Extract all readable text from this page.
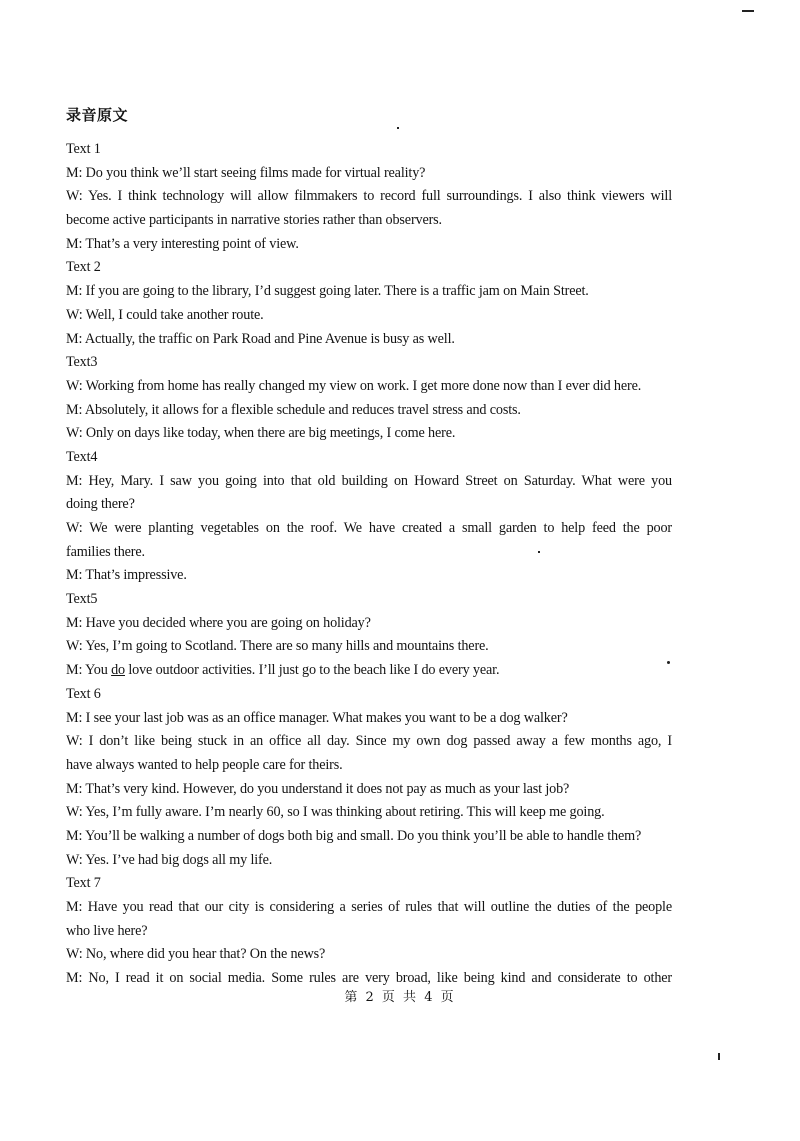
录音原文
Text 1
M: Do you think we’ll start seeing films made for virtual reality?
W: Yes. I think technology will allow filmmakers to record full surroundings. I also think viewers will
become active participants in narrative stories rather than observers.
M: That’s a very interesting point of view.
Text 2
M: If you are going to the library, I’d suggest going later. There is a traffic jam on Main Street.
W: Well, I could take another route.
M: Actually, the traffic on Park Road and Pine Avenue is busy as well.
Text3
W: Working from home has really changed my view on work. I get more done now than I ever did here.
M: Absolutely, it allows for a flexible schedule and reduces travel stress and costs.
W: Only on days like today, when there are big meetings, I come here.
Text4
M: Hey, Mary. I saw you going into that old building on Howard Street on Saturday. What were you
doing there?
W: We were planting vegetables on the roof. We have created a small garden to help feed the poor
families there.
M: That’s impressive.
Text5
M: Have you decided where you are going on holiday?
W: Yes, I’m going to Scotland. There are so many hills and mountains there.
M: You do love outdoor activities. I’ll just go to the beach like I do every year.
Text 6
M: I see your last job was as an office manager. What makes you want to be a dog walker?
W: I don’t like being stuck in an office all day. Since my own dog passed away a few months ago, I
have always wanted to help people care for theirs.
M: That’s very kind. However, do you understand it does not pay as much as your last job?
W: Yes, I’m fully aware. I’m nearly 60, so I was thinking about retiring. This will keep me going.
M: You’ll be walking a number of dogs both big and small. Do you think you’ll be able to handle them?
W: Yes. I’ve had big dogs all my life.
Text 7
M: Have you read that our city is considering a series of rules that will outline the duties of the people
who live here?
W: No, where did you hear that? On the news?
M: No, I read it on social media. Some rules are very broad, like being kind and considerate to other
第 2 页 共 4 页
